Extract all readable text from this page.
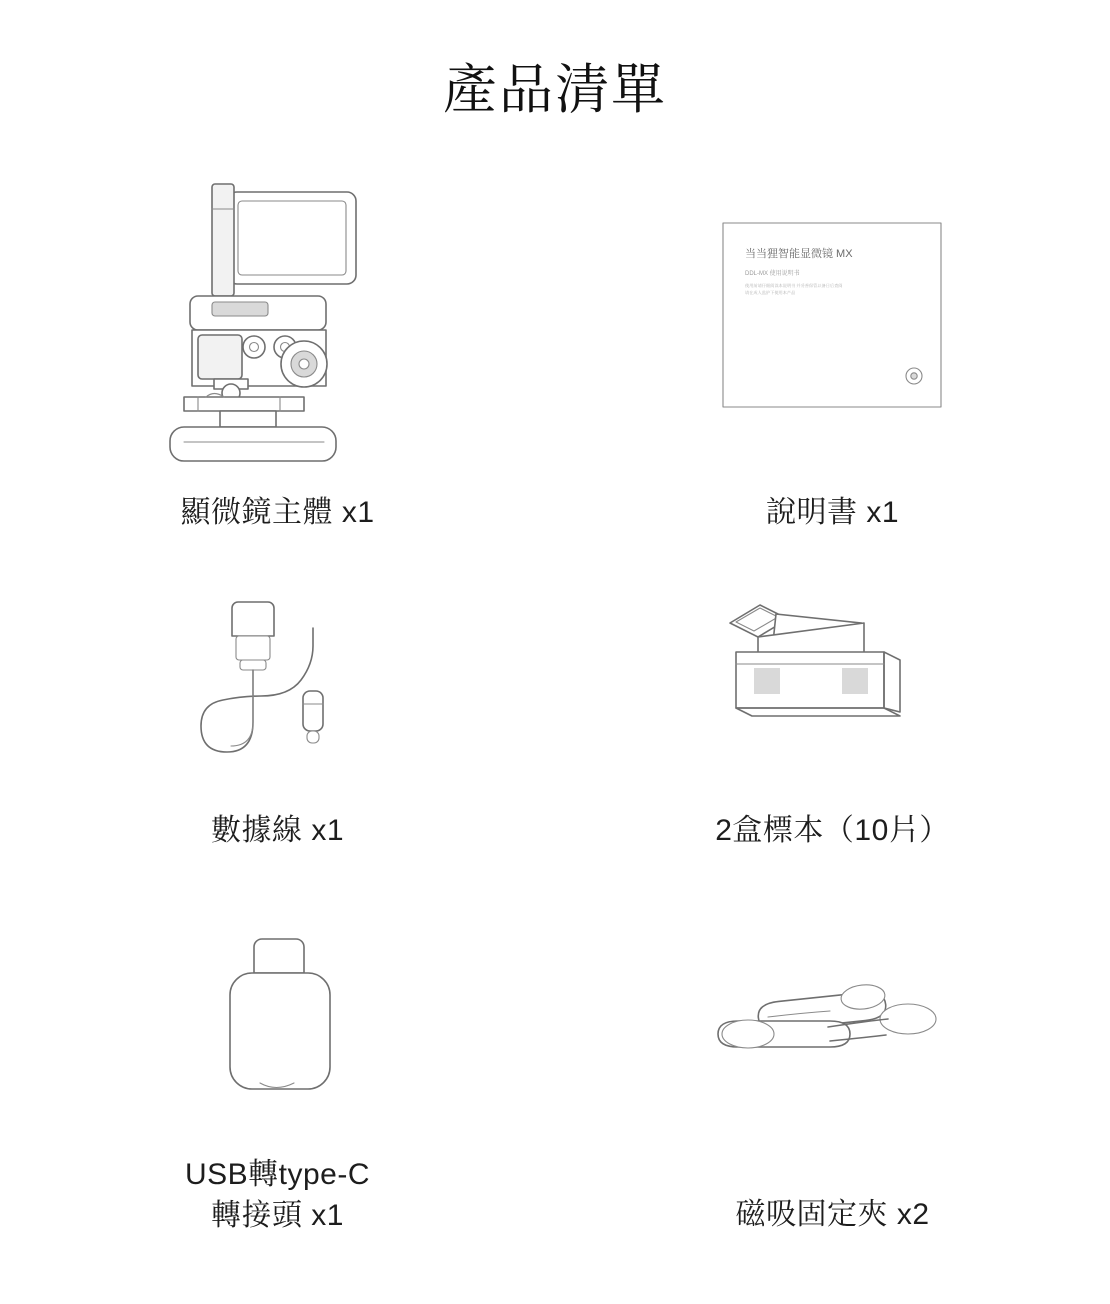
產品清單
顯微鏡主體 x1
当当狸智能显微镜 MX
DDL-MX 使用说明书
使用前请仔细阅读本说明书 并妥善保管以备日后查阅
请在成人监护下使用本产品
說明書 x1
數據線 x1	2盒標本（10片）
USB轉type-C
轉接頭 x1	磁吸固定夾 x2
